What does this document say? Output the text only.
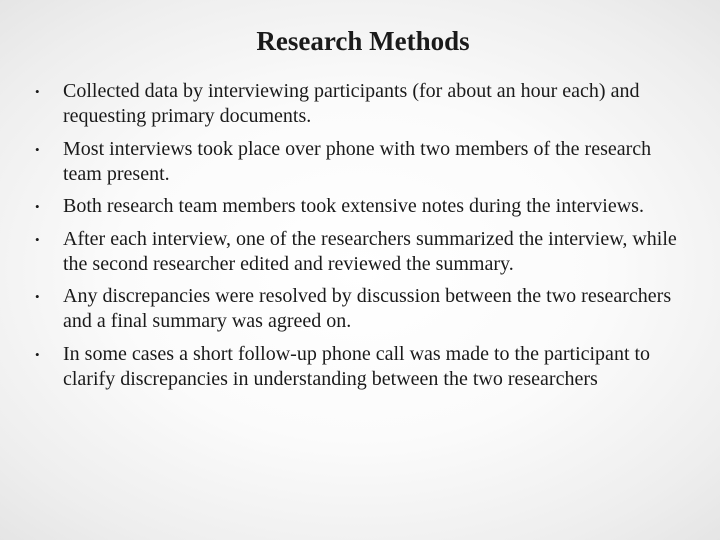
Research Methods
• Collected data by interviewing participants (for about an hour each) and requesting primary documents.
• Most interviews took place over phone with two members of the research team present.
• Both research team members took extensive notes during the interviews.
• After each interview, one of the researchers summarized the interview, while the second researcher edited and reviewed the summary.
• Any discrepancies were resolved by discussion between the two researchers and a final summary was agreed on.
• In some cases a short follow-up phone call was made to the participant to clarify discrepancies in understanding between the two researchers
